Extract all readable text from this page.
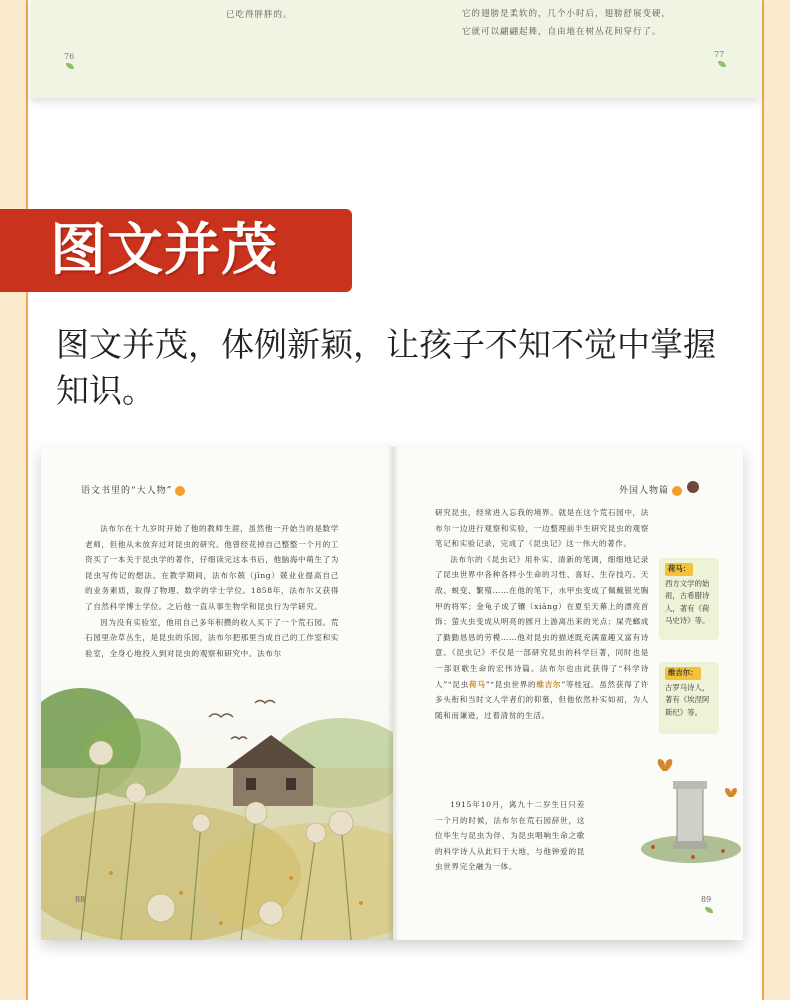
已吃得胖胖的。	它的翅膀是柔软的，几个小时后，翅膀舒展变硬，
它就可以翩翩起舞，自由地在树丛花间穿行了。
76	77
图文并茂
图文并茂，体例新颖，让孩子不知不觉中掌握知识。
语文书里的“大人物”

法布尔在十九岁时开始了他的教师生涯，虽然他一开始当的是数学老师，但他从未放弃过对昆虫的研究。他曾经花掉自己整整一个月的工资买了一本关于昆虫学的著作，仔细读完这本书后，他脑海中萌生了为昆虫写传记的想法。在教学期间，法布尔兢（jīng）兢业业提高自己的业务素质，取得了物理、数学的学士学位。1858年，法布尔又获得了自然科学博士学位。之后他一直从事生物学和昆虫行为学研究。

因为没有实验室，他用自己多年积攒的收入买下了一个荒石园。荒石园里杂草丛生，是昆虫的乐园，法布尔把那里当成自己的工作室和实验室，全身心地投入到对昆虫的观察和研究中。法布尔

88
外国人物篇

研究昆虫，经常进入忘我的境界。就是在这个荒石园中，法布尔一边进行观察和实验，一边整理前半生研究昆虫的观察笔记和实验记录，完成了《昆虫记》这一伟大的著作。

法布尔的《昆虫记》用朴实、清新的笔调，细细地记录了昆虫世界中各种各样小生命的习性、喜好、生存技巧、天敌、蜕变、繁殖……在他的笔下，水甲虫变成了佩戴银光胸甲的将军；金龟子成了镶（xiāng）在夏至天幕上的漂亮首饰；萤火虫变成从明亮的圆月上游离出来的光点；屎壳螂成了勤勤恳恳的劳模……他对昆虫的描述既充满童趣又富有诗意。《昆虫记》不仅是一部研究昆虫的科学巨著，同时也是一部讴歌生命的宏伟诗篇。法布尔也由此获得了“科学诗人”“昆虫荷马”“昆虫世界的维吉尔”等桂冠。虽然获得了许多头衔和当时文人学者们的仰慕，但他依然朴实如初，为人随和而谦逊，过着清贫的生活。

1915年10月，离九十二岁生日只差一个月的时候，法布尔在荒石园辞世，这位毕生与昆虫为伴、为昆虫唱响生命之歌的科学诗人从此归于大地，与他钟爱的昆虫世界完全融为一体。

荷马：
西方文学的始祖，古希腊诗人，著有《荷马史诗》等。
维吉尔：
古罗马诗人，著有《埃涅阿斯纪》等。
89
